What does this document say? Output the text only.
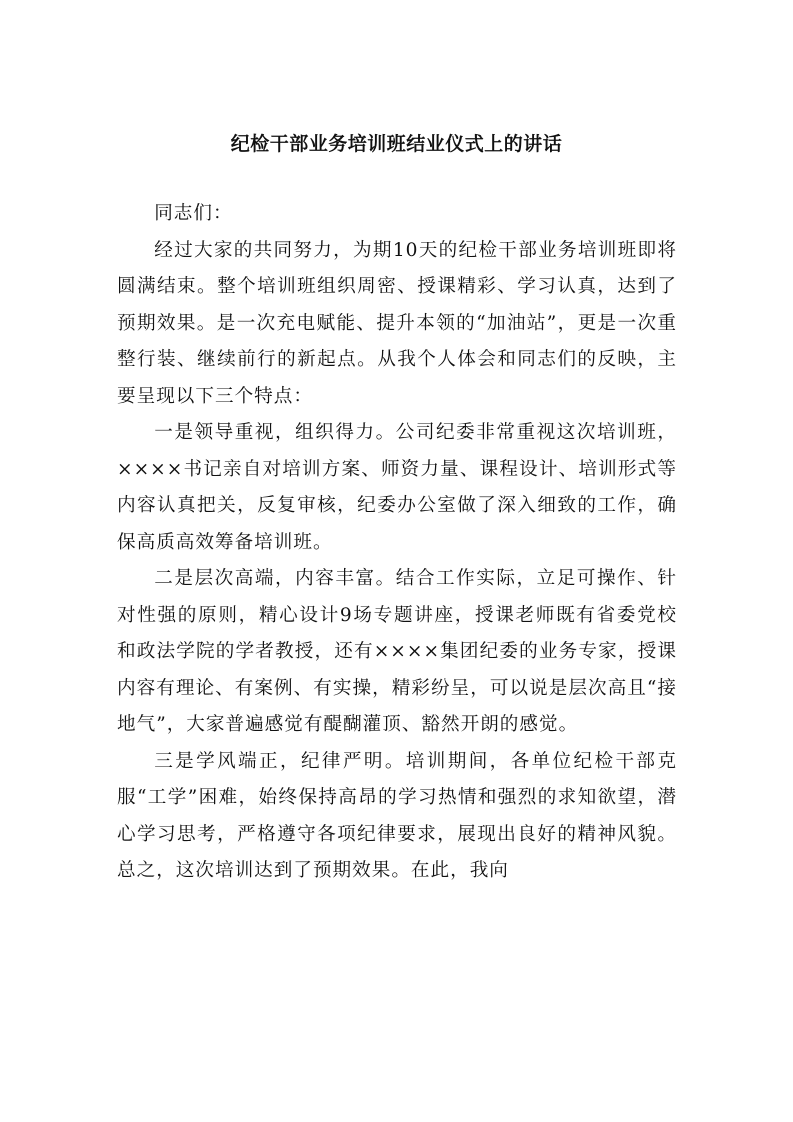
纪检干部业务培训班结业仪式上的讲话

同志们：

经过大家的共同努力，为期10天的纪检干部业务培训班即将圆满结束。整个培训班组织周密、授课精彩、学习认真，达到了预期效果。是一次充电赋能、提升本领的“加油站”，更是一次重整行装、继续前行的新起点。从我个人体会和同志们的反映，主要呈现以下三个特点：

一是领导重视，组织得力。公司纪委非常重视这次培训班，××××书记亲自对培训方案、师资力量、课程设计、培训形式等内容认真把关，反复审核，纪委办公室做了深入细致的工作，确保高质高效筹备培训班。

二是层次高端，内容丰富。结合工作实际，立足可操作、针对性强的原则，精心设计9场专题讲座，授课老师既有省委党校和政法学院的学者教授，还有××××集团纪委的业务专家，授课内容有理论、有案例、有实操，精彩纷呈，可以说是层次高且“接地气”，大家普遍感觉有醍醐灌顶、豁然开朗的感觉。

三是学风端正，纪律严明。培训期间，各单位纪检干部克服“工学”困难，始终保持高昂的学习热情和强烈的求知欲望，潜心学习思考，严格遵守各项纪律要求，展现出良好的精神风貌。总之，这次培训达到了预期效果。在此，我向
